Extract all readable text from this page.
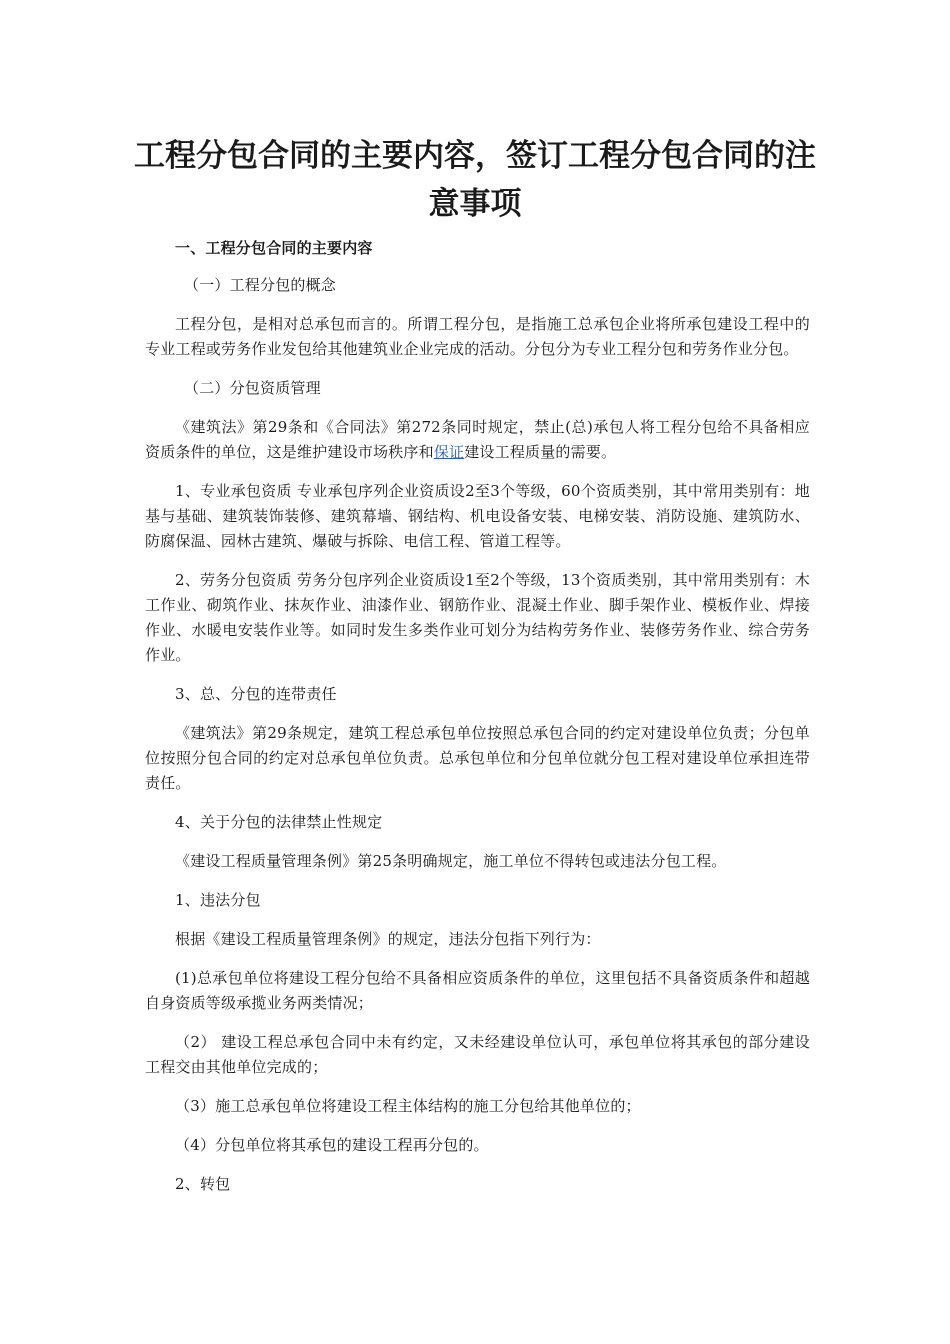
工程分包合同的主要内容，签订工程分包合同的注意事项

一、工程分包合同的主要内容

（一）工程分包的概念

工程分包，是相对总承包而言的。所谓工程分包，是指施工总承包企业将所承包建设工程中的专业工程或劳务作业发包给其他建筑业企业完成的活动。分包分为专业工程分包和劳务作业分包。

（二）分包资质管理

《建筑法》第29条和《合同法》第272条同时规定，禁止(总)承包人将工程分包给不具备相应资质条件的单位，这是维护建设市场秩序和保证建设工程质量的需要。

1、专业承包资质 专业承包序列企业资质设2至3个等级，60个资质类别，其中常用类别有：地基与基础、建筑装饰装修、建筑幕墙、钢结构、机电设备安装、电梯安装、消防设施、建筑防水、防腐保温、园林古建筑、爆破与拆除、电信工程、管道工程等。

2、劳务分包资质 劳务分包序列企业资质设1至2个等级，13个资质类别，其中常用类别有：木工作业、砌筑作业、抹灰作业、油漆作业、钢筋作业、混凝土作业、脚手架作业、模板作业、焊接作业、水暖电安装作业等。如同时发生多类作业可划分为结构劳务作业、装修劳务作业、综合劳务作业。

3、总、分包的连带责任

《建筑法》第29条规定，建筑工程总承包单位按照总承包合同的约定对建设单位负责；分包单位按照分包合同的约定对总承包单位负责。总承包单位和分包单位就分包工程对建设单位承担连带责任。

4、关于分包的法律禁止性规定

《建设工程质量管理条例》第25条明确规定，施工单位不得转包或违法分包工程。

1、违法分包

根据《建设工程质量管理条例》的规定，违法分包指下列行为：

(1)总承包单位将建设工程分包给不具备相应资质条件的单位，这里包括不具备资质条件和超越自身资质等级承揽业务两类情况；

（2） 建设工程总承包合同中未有约定，又未经建设单位认可，承包单位将其承包的部分建设工程交由其他单位完成的；

（3）施工总承包单位将建设工程主体结构的施工分包给其他单位的；

（4）分包单位将其承包的建设工程再分包的。

2、转包
